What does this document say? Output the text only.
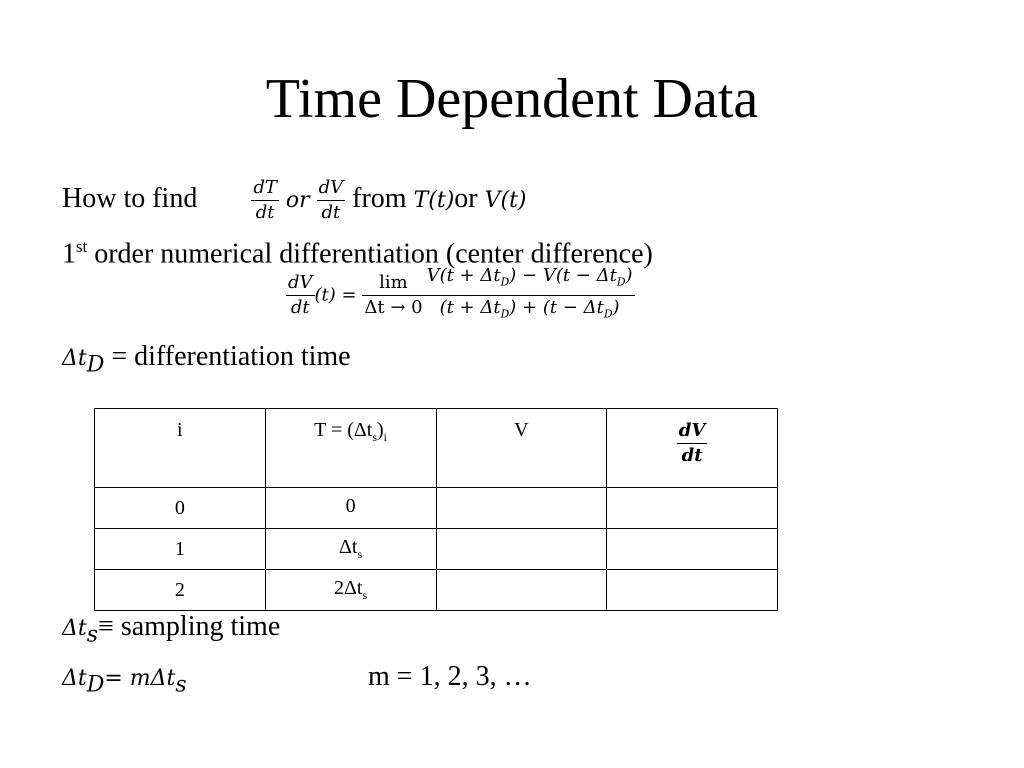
Time Dependent Data
How to find	$\frac{dT}{dt}$ or $\frac{dV}{dt}$ from T(t)or V(t)
1st order numerical differentiation (center difference)
$\frac{dV}{dt} (t) = \frac{\lim}{\Delta t \to 0} \frac{V(t + \Delta t_D) - V(t - \Delta t_D)}{(t + \Delta t_D) + (t - \Delta t_D)}$
$\Delta t_D$ = differentiation time
i	$T = (\Delta t_s)_i$	V	$\frac{dV}{dt}$

0	0		
1	$\Delta t_s$		
2	$2\Delta t_s$		
$\Delta t_s\equiv$ sampling time
$\Delta t_D= m\Delta t_s$	m = 1, 2, 3, …
